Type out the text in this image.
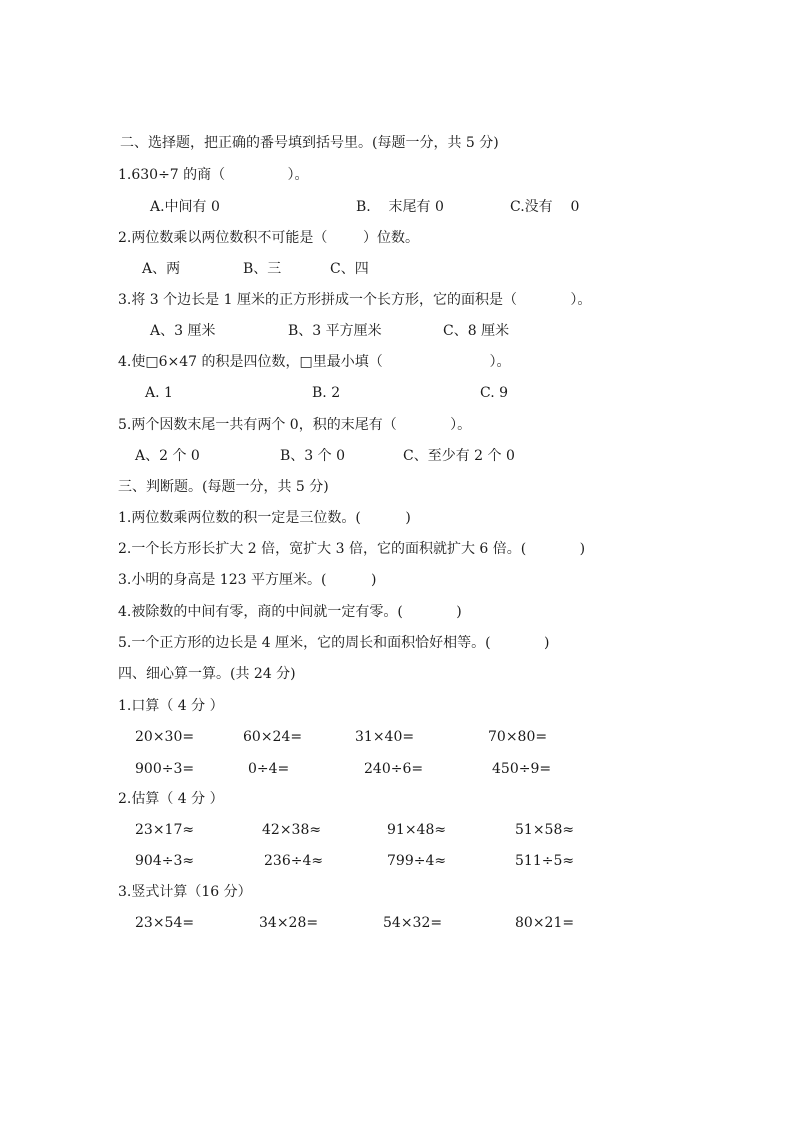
二、选择题，把正确的番号填到括号里。(每题一分，共 5 分)
1.630÷7 的商（              ）。
A.中间有 0	B.    末尾有 0	C.没有    0
2.两位数乘以两位数积不可能是（        ）位数。
A、两	B、三	C、四
3.将 3 个边长是 1 厘米的正方形拼成一个长方形，它的面积是（            ）。
A、3 厘米	B、3 平方厘米	C、8 厘米
4.使□6×47 的积是四位数，□里最小填（                        ）。
A. 1	B. 2	C. 9
5.两个因数末尾一共有两个 0，积的末尾有（            ）。
A、2 个 0	B、3 个 0	C、至少有 2 个 0
三、判断题。(每题一分，共 5 分)
1.两位数乘两位数的积一定是三位数。(          )
2.一个长方形长扩大 2 倍，宽扩大 3 倍，它的面积就扩大 6 倍。(            )
3.小明的身高是 123 平方厘米。(          )
4.被除数的中间有零，商的中间就一定有零。(            )
5.一个正方形的边长是 4 厘米，它的周长和面积恰好相等。(            )
四、细心算一算。(共 24 分)
1.口算（ 4 分 ）
20×30=	60×24=	31×40=	70×80=
900÷3=	0÷4=	240÷6=	450÷9=
2.估算（ 4 分 ）
23×17≈	42×38≈	91×48≈	51×58≈
904÷3≈	236÷4≈	799÷4≈	511÷5≈
3.竖式计算（16 分）
23×54=	34×28=	54×32=	80×21=
